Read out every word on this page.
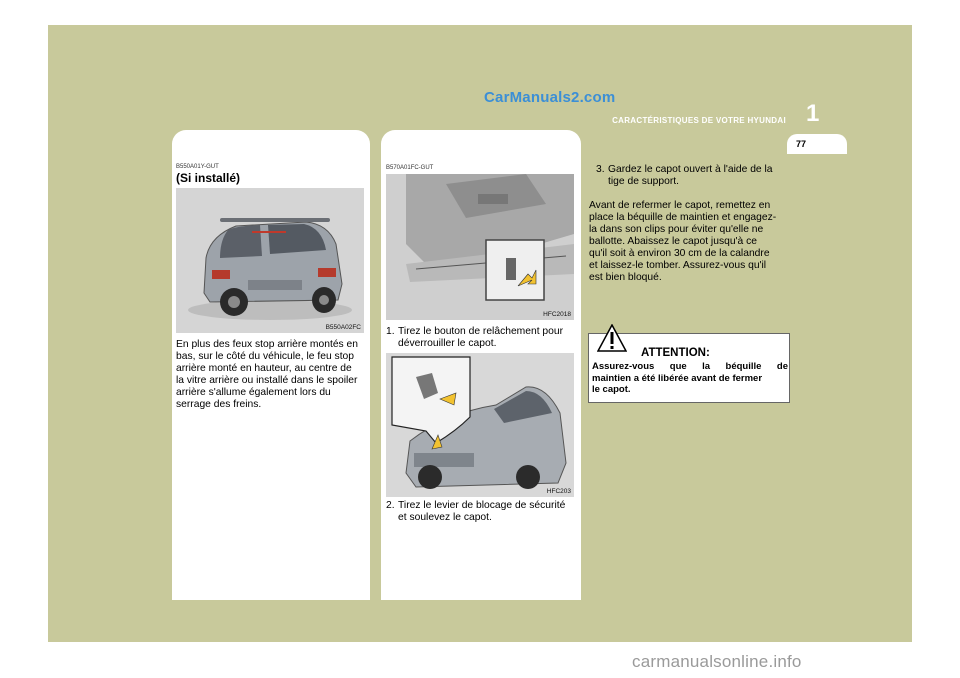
CarManuals2.com
1
CARACTÉRISTIQUES DE VOTRE HYUNDAI
77
FEU STOP ARRIERE MONTE
EN HAUTEUR
B550A01Y-GUT
(Si installé)
B550A02FC
En plus des feux stop arrière montés en
bas, sur le côté du véhicule, le feu stop
arrière monté en hauteur, au centre de
la vitre arrière ou installé dans le spoiler
arrière s'allume également lors du
serrage des freins.
OUVERTURE DU CAPOT
MOTEUR
B570A01FC-GUT
HFC2018
1. Tirez le bouton de relâchement pour
déverrouiller le capot.
HFC203
2. Tirez le levier de blocage de sécurité
et soulevez le capot.
3. Gardez le capot ouvert à l'aide de la
tige de support.
Avant de refermer le capot, remettez en
place la béquille de maintien et engagez-
la dans son clips pour éviter qu'elle ne
ballotte. Abaissez le capot jusqu'à ce
qu'il soit à environ 30 cm de la calandre
et laissez-le tomber. Assurez-vous qu'il
est bien bloqué.
ATTENTION:
Assurez-vous que la béquille de
maintien a été libérée avant de fermer
le capot.
carmanualsonline.info
